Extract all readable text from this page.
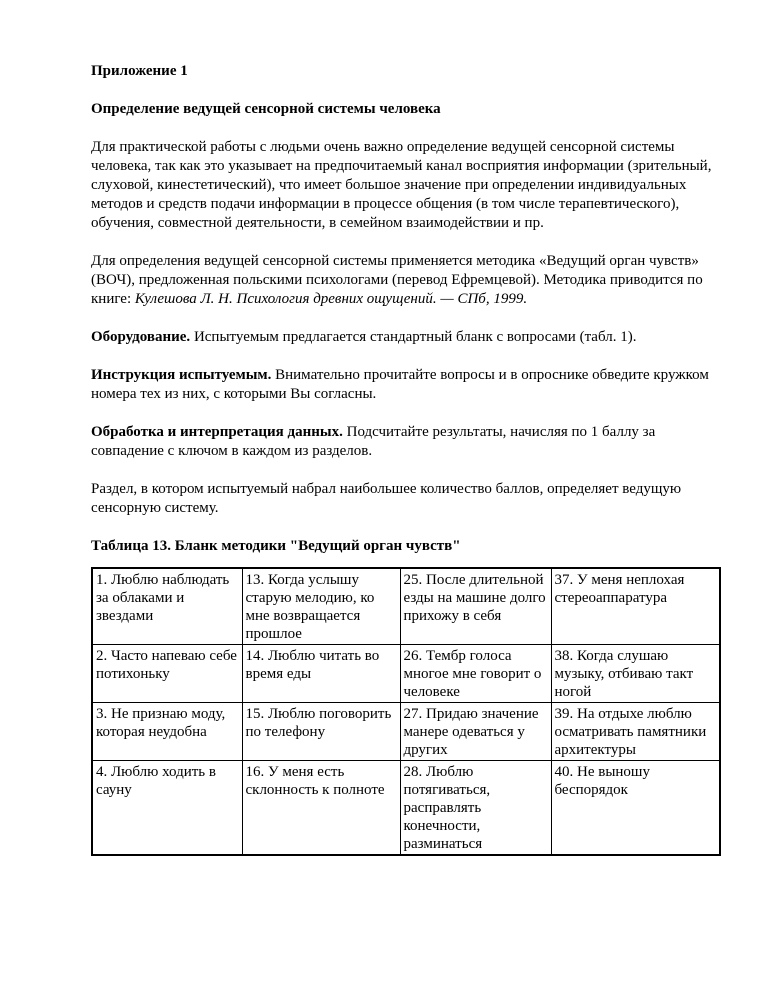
Приложение 1
Определение ведущей сенсорной системы человека

Для практической работы с людьми очень важно определение ведущей сенсорной системы человека, так как это указывает на предпочитаемый канал восприятия информации (зрительный, слуховой, кинестетический), что имеет большое значение при определении индивидуальных методов и средств подачи информации в процессе общения (в том числе терапевтического), обучения, совместной деятельности, в семейном взаимодействии и пр.

Для определения ведущей сенсорной системы применяется методика «Ведущий орган чувств» (ВОЧ), предложенная польскими психологами (перевод Ефремцевой). Методика приводится по книге: Кулешова Л. Н. Психология древних ощущений. — СПб, 1999.

Оборудование. Испытуемым предлагается стандартный бланк с вопросами (табл. 1).

Инструкция испытуемым. Внимательно прочитайте вопросы и в опроснике обведите кружком номера тех из них, с которыми Вы согласны.

Обработка и интерпретация данных. Подсчитайте результаты, начисляя по 1 баллу за совпадение с ключом в каждом из разделов.

Раздел, в котором испытуемый набрал наибольшее количество баллов, определяет ведущую сенсорную систему.

Таблица 13. Бланк методики "Ведущий орган чувств"
1. Люблю наблюдать за облаками и звездами	13. Когда услышу старую мелодию, ко мне возвращается прошлое	25. После длительной езды на машине долго прихожу в себя	37. У меня неплохая стереоаппаратура
2. Часто напеваю себе потихоньку	14. Люблю читать во время еды	26. Тембр голоса многое мне говорит о человеке	38. Когда слушаю музыку, отбиваю такт ногой
3. Не признаю моду, которая неудобна	15. Люблю поговорить по телефону	27. Придаю значение манере одеваться у других	39. На отдыхе люблю осматривать памятники архитектуры
4. Люблю ходить в сауну	16. У меня есть склонность к полноте	28. Люблю потягиваться, расправлять конечности, разминаться	40. Не выношу беспорядок
